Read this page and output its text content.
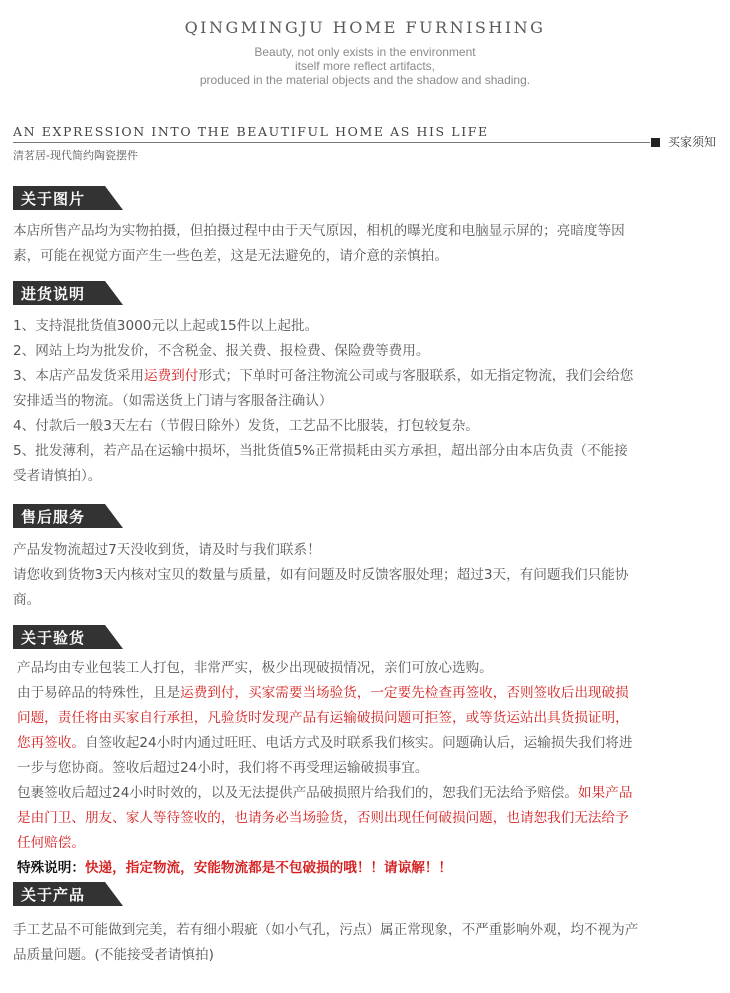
QINGMINGJU HOME FURNISHING
Beauty, not only exists in the environment
itself more reflect artifacts,
produced in the material objects and the shadow and shading.
AN EXPRESSION INTO THE BEAUTIFUL HOME AS HIS LIFE
买家须知
清茗居-现代简约陶瓷摆件
关于图片
本店所售产品均为实物拍摄，但拍摄过程中由于天气原因，相机的曝光度和电脑显示屏的；亮暗度等因
素，可能在视觉方面产生一些色差，这是无法避免的，请介意的亲慎拍。
进货说明
1、支持混批货值3000元以上起或15件以上起批。
2、网站上均为批发价，不含税金、报关费、报检费、保险费等费用。
3、本店产品发货采用运费到付形式；下单时可备注物流公司或与客服联系，如无指定物流，我们会给您
安排适当的物流。（如需送货上门请与客服备注确认）
4、付款后一般3天左右（节假日除外）发货，工艺品不比服装，打包较复杂。
5、批发薄利，若产品在运输中损坏，当批货值5%正常损耗由买方承担，超出部分由本店负责（不能接
受者请慎拍）。
售后服务
产品发物流超过7天没收到货，请及时与我们联系！
请您收到货物3天内核对宝贝的数量与质量，如有问题及时反馈客服处理；超过3天，有问题我们只能协
商。
关于验货
产品均由专业包装工人打包，非常严实，极少出现破损情况，亲们可放心选购。
由于易碎品的特殊性，且是运费到付，买家需要当场验货，一定要先检查再签收，否则签收后出现破损
问题，责任将由买家自行承担，凡验货时发现产品有运输破损问题可拒签，或等货运站出具货损证明，
您再签收。自签收起24小时内通过旺旺、电话方式及时联系我们核实。问题确认后，运输损失我们将进
一步与您协商。签收后超过24小时，我们将不再受理运输破损事宜。
包裹签收后超过24小时时效的，以及无法提供产品破损照片给我们的，恕我们无法给予赔偿。如果产品
是由门卫、朋友、家人等待签收的，也请务必当场验货，否则出现任何破损问题，也请恕我们无法给予
任何赔偿。
特殊说明：快递，指定物流，安能物流都是不包破损的哦！！请谅解！！
关于产品
手工艺品不可能做到完美，若有细小瑕疵（如小气孔，污点）属正常现象，不严重影响外观，均不视为产
品质量问题。(不能接受者请慎拍)
